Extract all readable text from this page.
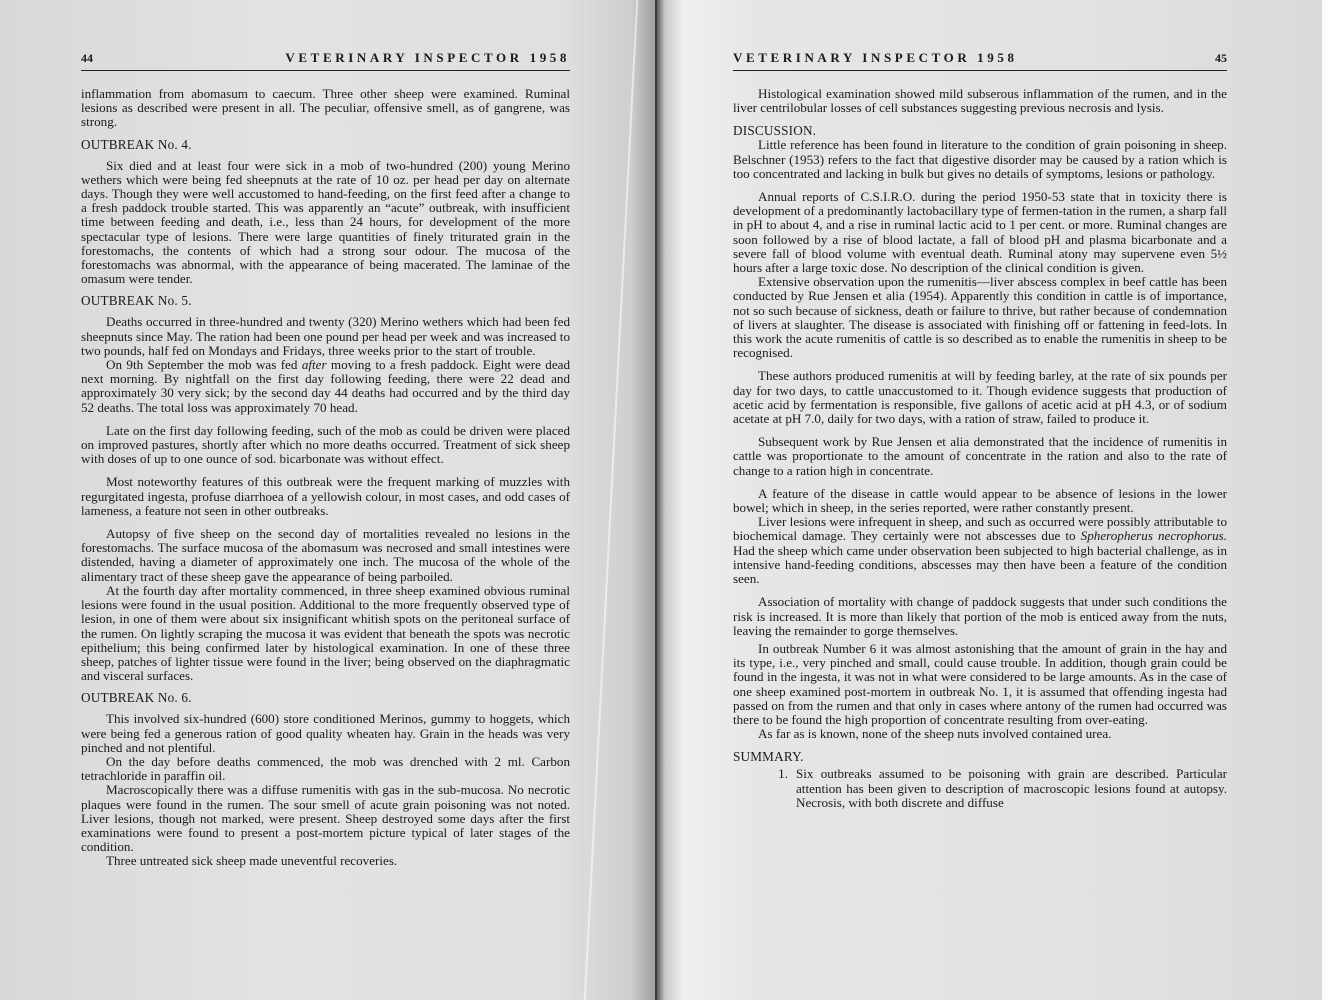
44	VETERINARY INSPECTOR 1958

inflammation from abomasum to caecum. Three other sheep were examined. Ruminal lesions as described were present in all. The peculiar, offensive smell, as of gangrene, was strong.

OUTBREAK No. 4.

Six died and at least four were sick in a mob of two-hundred (200) young Merino wethers which were being fed sheepnuts at the rate of 10 oz. per head per day on alternate days. Though they were well accustomed to hand-feeding, on the first feed after a change to a fresh paddock trouble started. This was apparently an “acute” outbreak, with insufficient time between feeding and death, i.e., less than 24 hours, for development of the more spectacular type of lesions. There were large quantities of finely triturated grain in the forestomachs, the contents of which had a strong sour odour. The mucosa of the forestomachs was abnormal, with the appearance of being macerated. The laminae of the omasum were tender.

OUTBREAK No. 5.

Deaths occurred in three-hundred and twenty (320) Merino wethers which had been fed sheepnuts since May. The ration had been one pound per head per week and was increased to two pounds, half fed on Mondays and Fridays, three weeks prior to the start of trouble.

On 9th September the mob was fed after moving to a fresh paddock. Eight were dead next morning. By nightfall on the first day following feeding, there were 22 dead and approximately 30 very sick; by the second day 44 deaths had occurred and by the third day 52 deaths. The total loss was approximately 70 head.

Late on the first day following feeding, such of the mob as could be driven were placed on improved pastures, shortly after which no more deaths occurred. Treatment of sick sheep with doses of up to one ounce of sod. bicarbonate was without effect.

Most noteworthy features of this outbreak were the frequent marking of muzzles with regurgitated ingesta, profuse diarrhoea of a yellowish colour, in most cases, and odd cases of lameness, a feature not seen in other outbreaks.

Autopsy of five sheep on the second day of mortalities revealed no lesions in the forestomachs. The surface mucosa of the abomasum was necrosed and small intestines were distended, having a diameter of approximately one inch. The mucosa of the whole of the alimentary tract of these sheep gave the appearance of being parboiled.

At the fourth day after mortality commenced, in three sheep examined obvious ruminal lesions were found in the usual position. Additional to the more frequently observed type of lesion, in one of them were about six insignificant whitish spots on the peritoneal surface of the rumen. On lightly scraping the mucosa it was evident that beneath the spots was necrotic epithelium; this being confirmed later by histological examination. In one of these three sheep, patches of lighter tissue were found in the liver; being observed on the diaphragmatic and visceral surfaces.

OUTBREAK No. 6.

This involved six-hundred (600) store conditioned Merinos, gummy to hoggets, which were being fed a generous ration of good quality wheaten hay. Grain in the heads was very pinched and not plentiful.

On the day before deaths commenced, the mob was drenched with 2 ml. Carbon tetrachloride in paraffin oil.

Macroscopically there was a diffuse rumenitis with gas in the sub-mucosa. No necrotic plaques were found in the rumen. The sour smell of acute grain poisoning was not noted. Liver lesions, though not marked, were present. Sheep destroyed some days after the first examinations were found to present a post-mortem picture typical of later stages of the condition.

Three untreated sick sheep made uneventful recoveries.

VETERINARY INSPECTOR 1958	45

Histological examination showed mild subserous inflammation of the rumen, and in the liver centrilobular losses of cell substances suggesting previous necrosis and lysis.

DISCUSSION.

Little reference has been found in literature to the condition of grain poisoning in sheep. Belschner (1953) refers to the fact that digestive disorder may be caused by a ration which is too concentrated and lacking in bulk but gives no details of symptoms, lesions or pathology.

Annual reports of C.S.I.R.O. during the period 1950-53 state that in toxicity there is development of a predominantly lactobacillary type of fermen-tation in the rumen, a sharp fall in pH to about 4, and a rise in ruminal lactic acid to 1 per cent. or more. Ruminal changes are soon followed by a rise of blood lactate, a fall of blood pH and plasma bicarbonate and a severe fall of blood volume with eventual death. Ruminal atony may supervene even 5½ hours after a large toxic dose. No description of the clinical condition is given.

Extensive observation upon the rumenitis—liver abscess complex in beef cattle has been conducted by Rue Jensen et alia (1954). Apparently this condition in cattle is of importance, not so such because of sickness, death or failure to thrive, but rather because of condemnation of livers at slaughter. The disease is associated with finishing off or fattening in feed-lots. In this work the acute rumenitis of cattle is so described as to enable the rumenitis in sheep to be recognised.

These authors produced rumenitis at will by feeding barley, at the rate of six pounds per day for two days, to cattle unaccustomed to it. Though evidence suggests that production of acetic acid by fermentation is responsible, five gallons of acetic acid at pH 4.3, or of sodium acetate at pH 7.0, daily for two days, with a ration of straw, failed to produce it.

Subsequent work by Rue Jensen et alia demonstrated that the incidence of rumenitis in cattle was proportionate to the amount of concentrate in the ration and also to the rate of change to a ration high in concentrate.

A feature of the disease in cattle would appear to be absence of lesions in the lower bowel; which in sheep, in the series reported, were rather constantly present.

Liver lesions were infrequent in sheep, and such as occurred were possibly attributable to biochemical damage. They certainly were not abscesses due to Spheropherus necrophorus. Had the sheep which came under observation been subjected to high bacterial challenge, as in intensive hand-feeding conditions, abscesses may then have been a feature of the condition seen.

Association of mortality with change of paddock suggests that under such conditions the risk is increased. It is more than likely that portion of the mob is enticed away from the nuts, leaving the remainder to gorge themselves.

In outbreak Number 6 it was almost astonishing that the amount of grain in the hay and its type, i.e., very pinched and small, could cause trouble. In addition, though grain could be found in the ingesta, it was not in what were considered to be large amounts. As in the case of one sheep examined post-mortem in outbreak No. 1, it is assumed that offending ingesta had passed on from the rumen and that only in cases where antony of the rumen had occurred was there to be found the high proportion of concentrate resulting from over-eating.

As far as is known, none of the sheep nuts involved contained urea.

SUMMARY.
1. Six outbreaks assumed to be poisoning with grain are described. Particular attention has been given to description of macroscopic lesions found at autopsy. Necrosis, with both discrete and diffuse
